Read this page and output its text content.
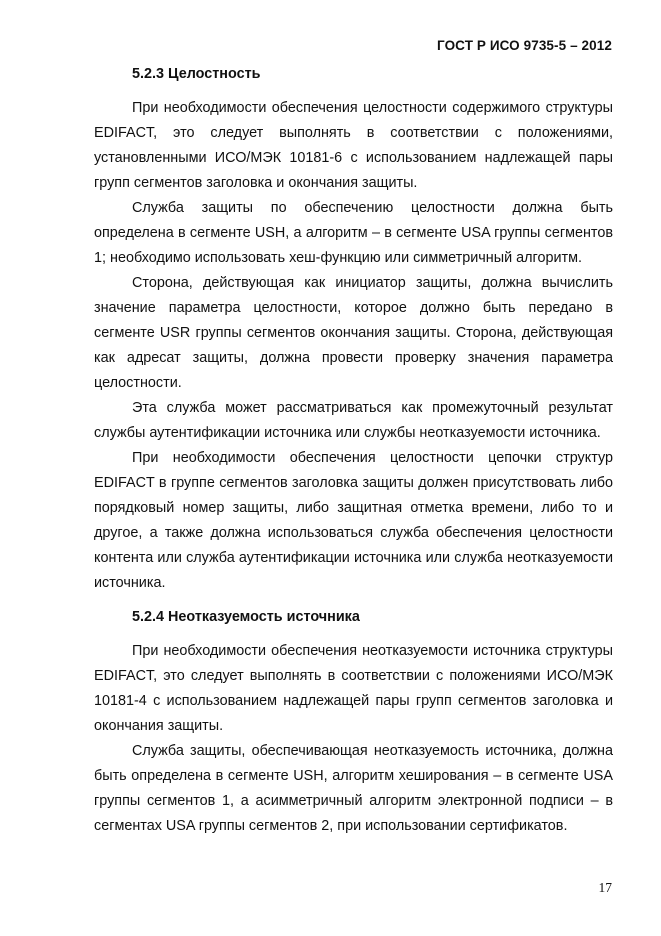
ГОСТ Р ИСО 9735-5 – 2012
5.2.3 Целостность

При необходимости обеспечения целостности содержимого структуры EDIFACT, это следует выполнять в соответствии с положениями, установленными ИСО/МЭК 10181-6 с использованием надлежащей пары групп сегментов заголовка и окончания защиты.

Служба защиты по обеспечению целостности должна быть определена в сегменте USH, а алгоритм – в сегменте USA группы сегментов 1; необходимо использовать хеш-функцию или симметричный алгоритм.

Сторона, действующая как инициатор защиты, должна вычислить значение параметра целостности, которое должно быть передано в сегменте USR группы сегментов окончания защиты. Сторона, действующая как адресат защиты, должна провести проверку значения параметра целостности.

Эта служба может рассматриваться как промежуточный результат службы аутентификации источника или службы неотказуемости источника.

При необходимости обеспечения целостности цепочки структур EDIFACT в группе сегментов заголовка защиты должен присутствовать либо порядковый номер защиты, либо защитная отметка времени, либо то и другое, а также должна использоваться служба обеспечения целостности контента или служба аутентификации источника или служба неотказуемости источника.

5.2.4 Неотказуемость источника

При необходимости обеспечения неотказуемости источника структуры EDIFACT, это следует выполнять в соответствии с положениями ИСО/МЭК 10181-4 с использованием надлежащей пары групп сегментов заголовка и окончания защиты.

Служба защиты, обеспечивающая неотказуемость источника, должна быть определена в сегменте USH, алгоритм хеширования – в сегменте USA группы сегментов 1, а асимметричный алгоритм электронной подписи – в сегментах USA группы сегментов 2, при использовании сертификатов.

17
